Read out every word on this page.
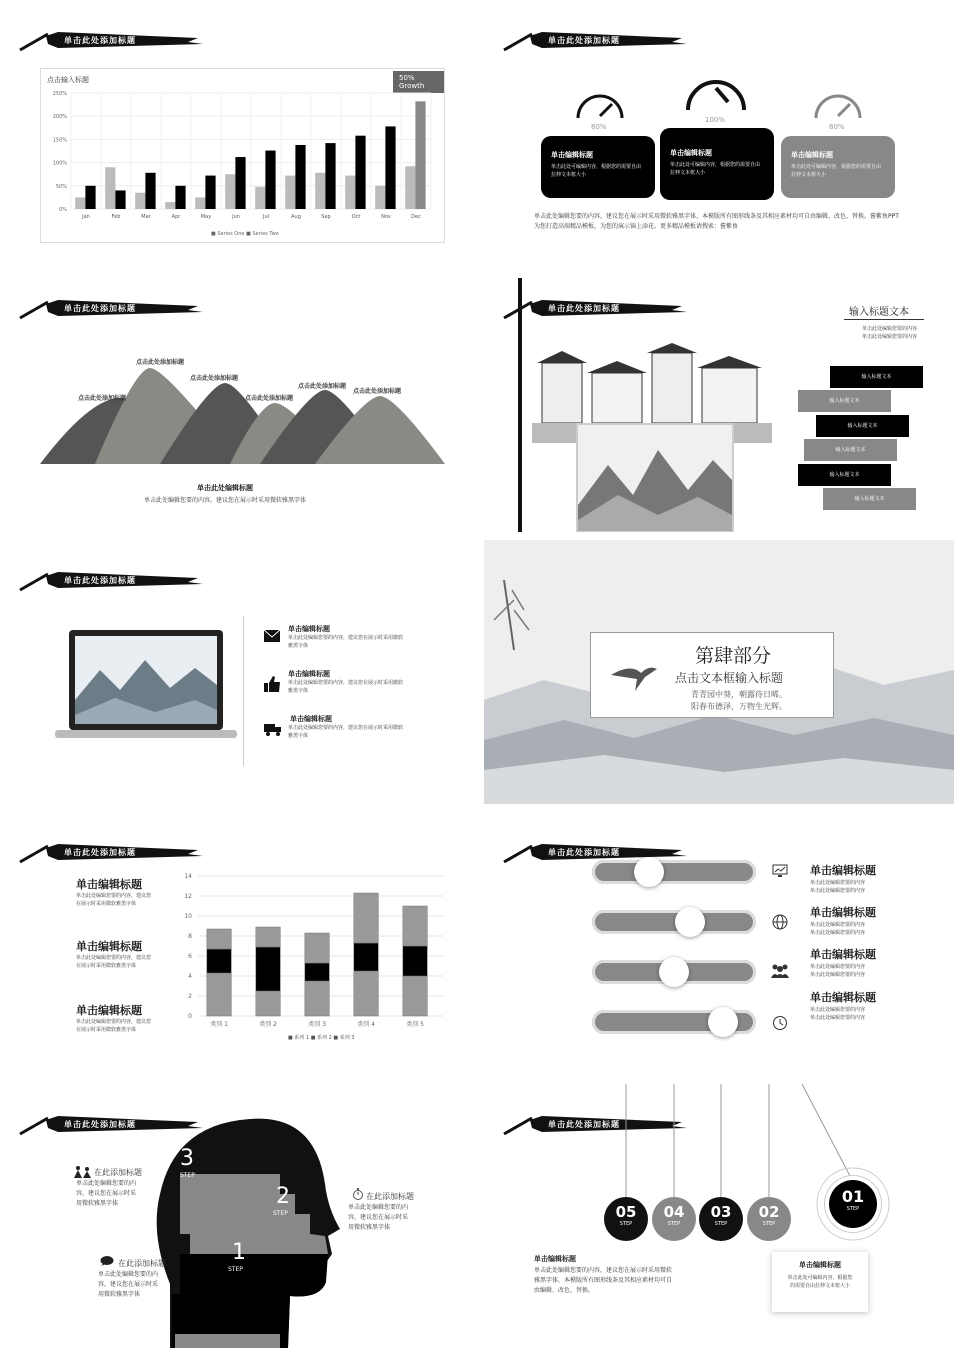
单击此处添加标题
点击输入标题	50% Growth
0%
50%
100%
150%
200%
250%
Jan	Feb	Mar	Apr	May	Jun	Jul	Aug	Sep	Oct	Nov	Dec
■ Series One ■ Series Two
单击此处添加标题
80%
100%
80%
单击编辑标题
单击此处可编辑内容，根据您的需要自由拉伸文本框大小
单击编辑标题
单击此处可编辑内容，根据您的需要自由拉伸文本框大小
单击编辑标题
单击此处可编辑内容，根据您的需要自由拉伸文本框大小
单击此处编辑您要的内容，建议您在展示时采用微软雅黑字体，本模版所有图形线条及其相应素材均可自由编辑、改色、替换。酱紫鱼PPT为您打造高端精品模板，为您的演示锦上添花。更多精品模板请搜索：酱紫鱼
单击此处添加标题
点击此处添加标题
点击此处添加标题
点击此处添加标题
点击此处添加标题
点击此处添加标题
点击此处添加标题
单击此处编辑标题
单击此处编辑您要的内容，建议您在展示时采用微软雅黑字体
单击此处添加标题	输入标题文本
单击此处编辑您要的内容
单击此处编辑您要的内容
输入标题文本
输入标题文本
输入标题文本
输入标题文本
输入标题文本
输入标题文本
单击此处添加标题
单击编辑标题
单击此处编辑您要的内容，建议您在展示时采用微软雅黑字体
单击编辑标题
单击此处编辑您要的内容，建议您在展示时采用微软雅黑字体
单击编辑标题
单击此处编辑您要的内容，建议您在展示时采用微软雅黑字体
第肆部分
点击文本框输入标题
青青园中葵，朝露待日晞。
阳春布德泽，万物生光辉。
单击此处添加标题
单击编辑标题
单击此处编辑您要的内容，建议您
在展示时采用微软雅黑字体
单击编辑标题
单击此处编辑您要的内容，建议您
在展示时采用微软雅黑字体
单击编辑标题
单击此处编辑您要的内容，建议您
在展示时采用微软雅黑字体
0
2
4
6
8
10
12
14
类别 1	类别 2	类别 3	类别 4	类别 5
■ 系列 1 ■ 系列 2 ■ 系列 3
单击此处添加标题
单击编辑标题
单击此处编辑您要的内容
单击此处编辑您要的内容
单击编辑标题
单击此处编辑您要的内容
单击此处编辑您要的内容
单击编辑标题
单击此处编辑您要的内容
单击此处编辑您要的内容
单击编辑标题
单击此处编辑您要的内容
单击此处编辑您要的内容
单击此处添加标题
3
STEP
2
STEP
1
STEP
在此添加标题
单击此处编辑您要的内
容，建议您在展示时采
用微软雅黑字体
在此添加标题
单击此处编辑您要的内
容，建议您在展示时采
用微软雅黑字体
在此添加标题
单击此处编辑您要的内
容，建议您在展示时采
用微软雅黑字体
单击此处添加标题
05
STEP
04
STEP
03
STEP
02
STEP
01
STEP
单击编辑标题
单击此处编辑您要的内容，建议您在展示时采用微软
雅黑字体，本模版所有图形线条及其相应素材均可自
由编辑、改色、替换。
单击编辑标题
单击此处可编辑内容，根据您
的需要自由拉伸文本框大小
